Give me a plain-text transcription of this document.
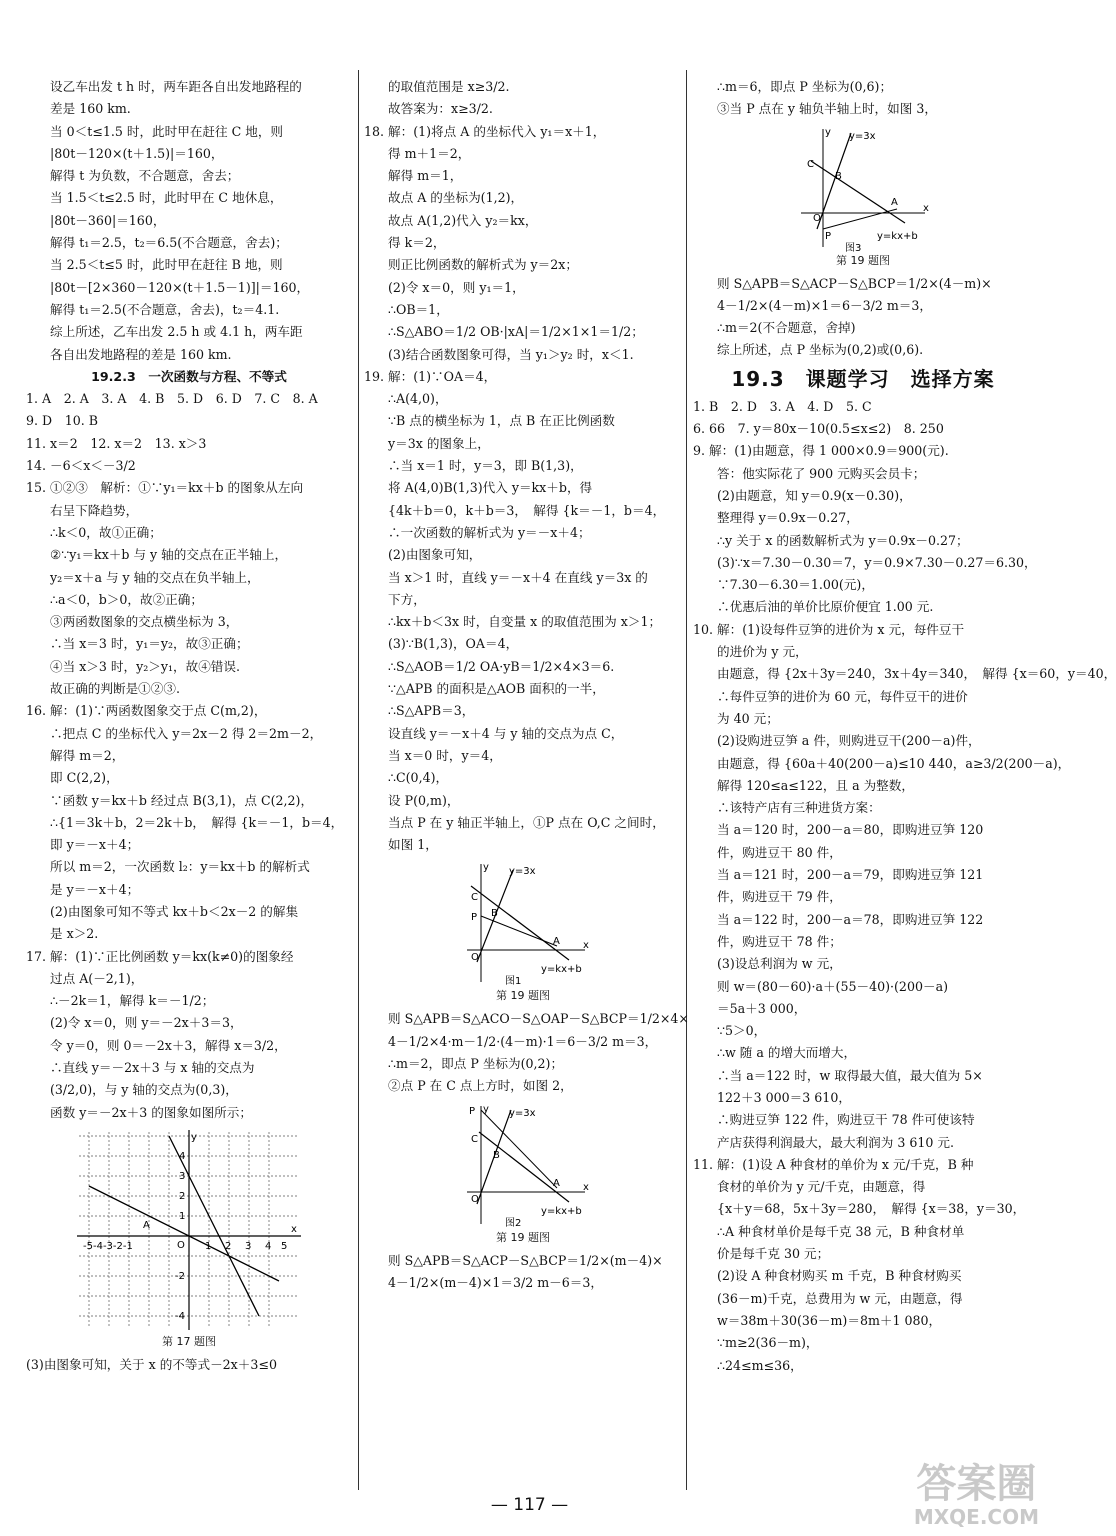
设乙车出发 t h 时，两车距各自出发地路程的
差是 160 km.
当 0＜t≤1.5 时，此时甲在赶往 C 地，则
|80t－120×(t＋1.5)|＝160，
解得 t 为负数，不合题意，舍去；
当 1.5＜t≤2.5 时，此时甲在 C 地休息，
|80t－360|＝160，
解得 t₁＝2.5，t₂＝6.5(不合题意，舍去)；
当 2.5＜t≤5 时，此时甲在赶往 B 地，则
|80t－[2×360－120×(t＋1.5－1)]|＝160，
解得 t₁＝2.5(不合题意，舍去)，t₂＝4.1.
综上所述，乙车出发 2.5 h 或 4.1 h，两车距
各自出发地路程的差是 160 km.
19.2.3　一次函数与方程、不等式
1. A　2. A　3. A　4. B　5. D　6. D　7. C　8. A
9. D　10. B
11. x＝2　12. x＝2　13. x＞3
14. －6＜x＜－3/2
15. ①②③　解析：①∵y₁＝kx＋b 的图象从左向
右呈下降趋势，
∴k＜0，故①正确；
②∵y₁＝kx＋b 与 y 轴的交点在正半轴上，
y₂＝x＋a 与 y 轴的交点在负半轴上，
∴a＜0，b＞0，故②正确；
③两函数图象的交点横坐标为 3，
∴当 x＝3 时，y₁＝y₂，故③正确；
④当 x＞3 时，y₂＞y₁，故④错误.
故正确的判断是①②③.
16. 解：(1)∵两函数图象交于点 C(m,2)，
∴把点 C 的坐标代入 y＝2x－2 得 2＝2m－2，
解得 m＝2，
即 C(2,2)，
∵函数 y＝kx＋b 经过点 B(3,1)，点 C(2,2)，
∴{1＝3k＋b，2＝2k＋b，　解得 {k＝－1，b＝4，
即 y＝－x＋4；
所以 m＝2，一次函数 l₂：y＝kx＋b 的解析式
是 y＝－x＋4；
(2)由图象可知不等式 kx＋b＜2x－2 的解集
是 x＞2.
17. 解：(1)∵正比例函数 y＝kx(k≠0)的图象经
过点 A(－2,1)，
∴－2k＝1，解得 k＝－1/2；
(2)令 x＝0，则 y＝－2x＋3＝3，
令 y＝0，则 0＝－2x＋3，解得 x＝3/2，
∴直线 y＝－2x＋3 与 x 轴的交点为
(3/2,0)，与 y 轴的交点为(0,3)，
函数 y＝－2x＋3 的图象如图所示；
y
x
O
A
-5-4-3-2-1	1 2 3 4 5
4
3
2
1
-2
-4
第 17 题图
(3)由图象可知，关于 x 的不等式－2x＋3≤0
的取值范围是 x≥3/2.
故答案为：x≥3/2.
18. 解：(1)将点 A 的坐标代入 y₁＝x＋1，
得 m＋1＝2，
解得 m＝1，
故点 A 的坐标为(1,2)，
故点 A(1,2)代入 y₂＝kx，
得 k＝2，
则正比例函数的解析式为 y＝2x；
(2)令 x＝0，则 y₁＝1，
∴OB＝1，
∴S△ABO＝1/2 OB·|xA|＝1/2×1×1＝1/2；
(3)结合函数图象可得，当 y₁＞y₂ 时，x＜1.
19. 解：(1)∵OA＝4，
∴A(4,0)，
∵B 点的横坐标为 1，点 B 在正比例函数
y＝3x 的图象上，
∴当 x＝1 时，y＝3，即 B(1,3)，
将 A(4,0)B(1,3)代入 y＝kx＋b，得
{4k＋b＝0，k＋b＝3，　解得 {k＝－1，b＝4，
∴一次函数的解析式为 y＝－x＋4；
(2)由图象可知，
当 x＞1 时，直线 y＝－x＋4 在直线 y＝3x 的
下方，
∴kx＋b＜3x 时，自变量 x 的取值范围为 x＞1；
(3)∵B(1,3)，OA＝4，
∴S△AOB＝1/2 OA·yB＝1/2×4×3＝6.
∵△APB 的面积是△AOB 面积的一半，
∴S△APB＝3，
设直线 y＝－x＋4 与 y 轴的交点为点 C，
当 x＝0 时，y＝4，
∴C(0,4)，
设 P(0,m)，
当点 P 在 y 轴正半轴上，①P 点在 O,C 之间时，
如图 1，
y y=3x
x
O
C
P B
A
y=kx+b
图1
第 19 题图
则 S△APB＝S△ACO－S△OAP－S△BCP＝1/2×4×
4－1/2×4·m－1/2·(4－m)·1＝6－3/2 m＝3，
∴m＝2，即点 P 坐标为(0,2)；
②点 P 在 C 点上方时，如图 2，
y y=3x
x
O
P
C
B
A
y=kx+b
图2
第 19 题图
则 S△APB＝S△ACP－S△BCP＝1/2×(m－4)×
4－1/2×(m－4)×1＝3/2 m－6＝3，
∴m＝6，即点 P 坐标为(0,6)；
③当 P 点在 y 轴负半轴上时，如图 3，
y y=3x
x
O
C
B
A
P	y=kx+b
图3
第 19 题图
则 S△APB＝S△ACP－S△BCP＝1/2×(4－m)×
4－1/2×(4－m)×1＝6－3/2 m＝3，
∴m＝2(不合题意，舍掉)
综上所述，点 P 坐标为(0,2)或(0,6).
19.3　课题学习　选择方案
1. B　2. D　3. A　4. D　5. C
6. 66　7. y＝80x－10(0.5≤x≤2)　8. 250
9. 解：(1)由题意，得 1 000×0.9＝900(元).
答：他实际花了 900 元购买会员卡；
(2)由题意，知 y＝0.9(x－0.30)，
整理得 y＝0.9x－0.27，
∴y 关于 x 的函数解析式为 y＝0.9x－0.27；
(3)∵x＝7.30－0.30＝7，y＝0.9×7.30－0.27＝6.30，
∵7.30－6.30＝1.00(元)，
∴优惠后油的单价比原价便宜 1.00 元.
10. 解：(1)设每件豆笋的进价为 x 元，每件豆干
的进价为 y 元，
由题意，得 {2x＋3y＝240，3x＋4y＝340，　解得 {x＝60，y＝40，
∴每件豆笋的进价为 60 元，每件豆干的进价
为 40 元；
(2)设购进豆笋 a 件，则购进豆干(200－a)件，
由题意，得 {60a＋40(200－a)≤10 440，a≥3/2(200－a)，
解得 120≤a≤122，且 a 为整数，
∴该特产店有三种进货方案：
当 a＝120 时，200－a＝80，即购进豆笋 120
件，购进豆干 80 件，
当 a＝121 时，200－a＝79，即购进豆笋 121
件，购进豆干 79 件，
当 a＝122 时，200－a＝78，即购进豆笋 122
件，购进豆干 78 件；
(3)设总利润为 w 元，
则 w＝(80－60)·a＋(55－40)·(200－a)
＝5a＋3 000，
∵5＞0，
∴w 随 a 的增大而增大，
∴当 a＝122 时，w 取得最大值，最大值为 5×
122＋3 000＝3 610，
∴购进豆笋 122 件，购进豆干 78 件可使该特
产店获得利润最大，最大利润为 3 610 元.
11. 解：(1)设 A 种食材的单价为 x 元/千克，B 种
食材的单价为 y 元/千克，由题意，得
{x＋y＝68，5x＋3y＝280，　解得 {x＝38，y＝30，
∴A 种食材单价是每千克 38 元，B 种食材单
价是每千克 30 元；
(2)设 A 种食材购买 m 千克，B 种食材购买
(36－m)千克，总费用为 w 元，由题意，得
w＝38m＋30(36－m)＝8m＋1 080，
∵m≥2(36－m)，
∴24≤m≤36，
— 117 —	答案圈
MXQE.COM
